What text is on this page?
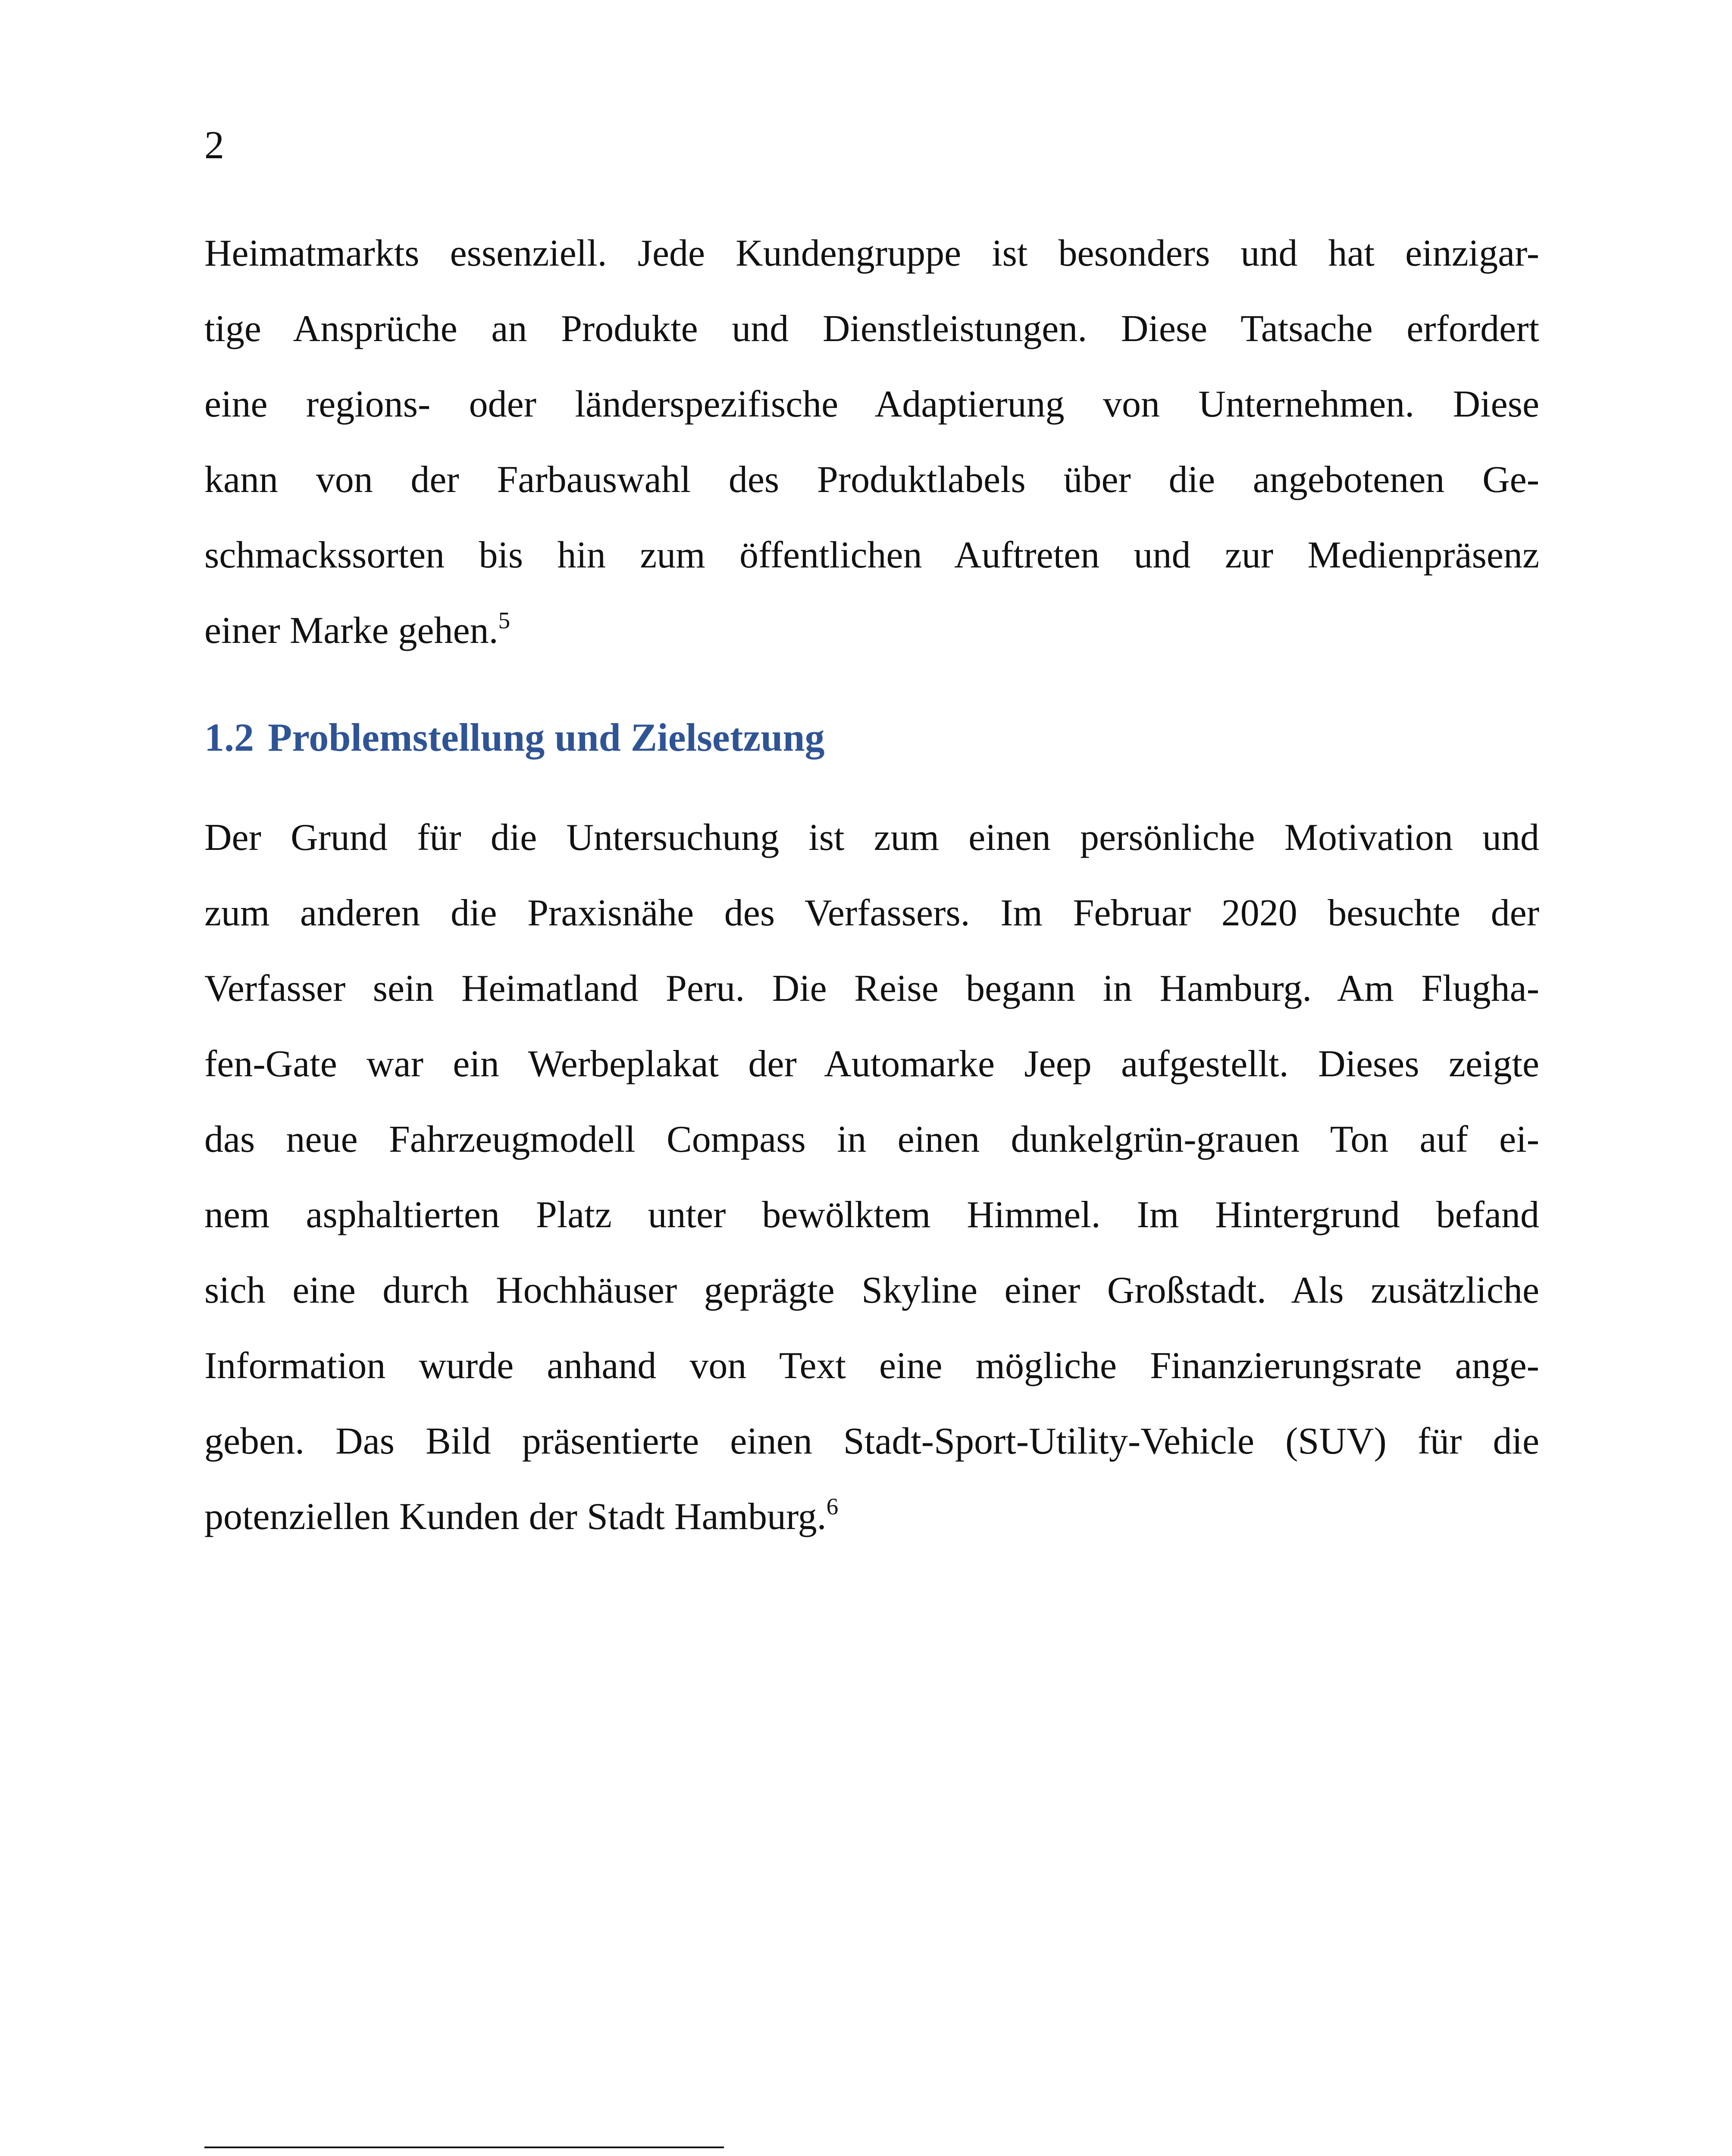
2
Heimatmarkts essenziell. Jede Kundengruppe ist besonders und hat einzigar-
tige Ansprüche an Produkte und Dienstleistungen. Diese Tatsache erfordert
eine regions- oder länderspezifische Adaptierung von Unternehmen. Diese
kann von der Farbauswahl des Produktlabels über die angebotenen Ge-
schmackssorten bis hin zum öffentlichen Auftreten und zur Medienpräsenz
einer Marke gehen.$^5$
1.2 Problemstellung und Zielsetzung
Der Grund für die Untersuchung ist zum einen persönliche Motivation und
zum anderen die Praxisnähe des Verfassers. Im Februar 2020 besuchte der
Verfasser sein Heimatland Peru. Die Reise begann in Hamburg. Am Flugha-
fen-Gate war ein Werbeplakat der Automarke Jeep aufgestellt. Dieses zeigte
das neue Fahrzeugmodell Compass in einen dunkelgrün-grauen Ton auf ei-
nem asphaltierten Platz unter bewölktem Himmel. Im Hintergrund befand
sich eine durch Hochhäuser geprägte Skyline einer Großstadt. Als zusätzliche
Information wurde anhand von Text eine mögliche Finanzierungsrate ange-
geben. Das Bild präsentierte einen Stadt-Sport-Utility-Vehicle (SUV) für die
potenziellen Kunden der Stadt Hamburg.$^6$
